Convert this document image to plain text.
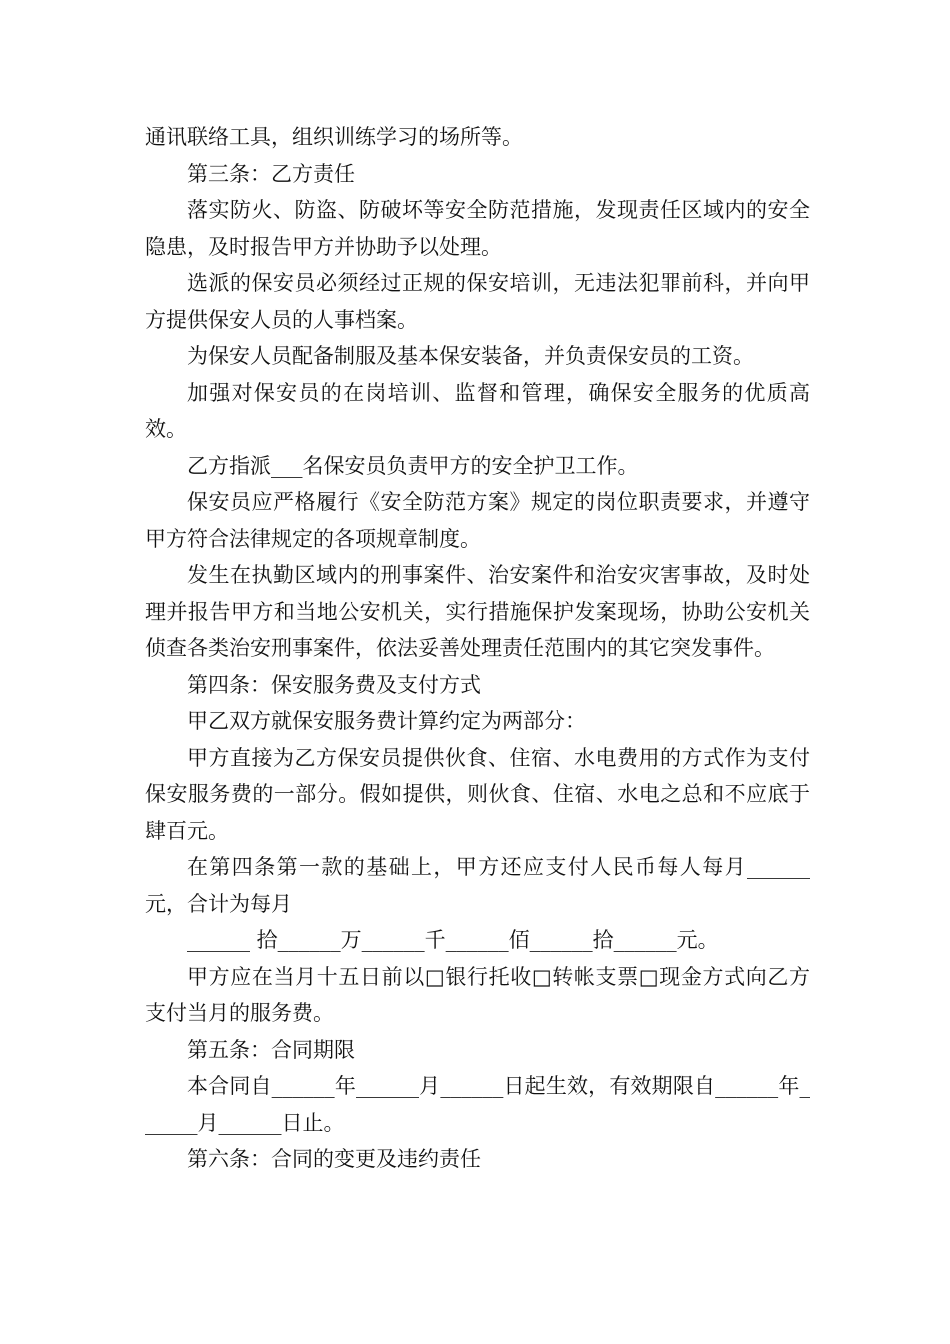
通讯联络工具，组织训练学习的场所等。

第三条：乙方责任

落实防火、防盗、防破坏等安全防范措施，发现责任区域内的安全隐患，及时报告甲方并协助予以处理。

选派的保安员必须经过正规的保安培训，无违法犯罪前科，并向甲方提供保安人员的人事档案。

为保安人员配备制服及基本保安装备，并负责保安员的工资。

加强对保安员的在岗培训、监督和管理，确保安全服务的优质高效。

乙方指派___名保安员负责甲方的安全护卫工作。

保安员应严格履行《安全防范方案》规定的岗位职责要求，并遵守甲方符合法律规定的各项规章制度。

发生在执勤区域内的刑事案件、治安案件和治安灾害事故，及时处理并报告甲方和当地公安机关，实行措施保护发案现场，协助公安机关侦查各类治安刑事案件，依法妥善处理责任范围内的其它突发事件。

第四条：保安服务费及支付方式

甲乙双方就保安服务费计算约定为两部分：

甲方直接为乙方保安员提供伙食、住宿、水电费用的方式作为支付保安服务费的一部分。假如提供，则伙食、住宿、水电之总和不应底于肆百元。

在第四条第一款的基础上，甲方还应支付人民币每人每月______元，合计为每月

______ 拾______万______千______佰______拾______元。

甲方应在当月十五日前以□银行托收□转帐支票□现金方式向乙方支付当月的服务费。

第五条：合同期限

本合同自______年______月______日起生效，有效期限自______年______月______日止。

第六条：合同的变更及违约责任
